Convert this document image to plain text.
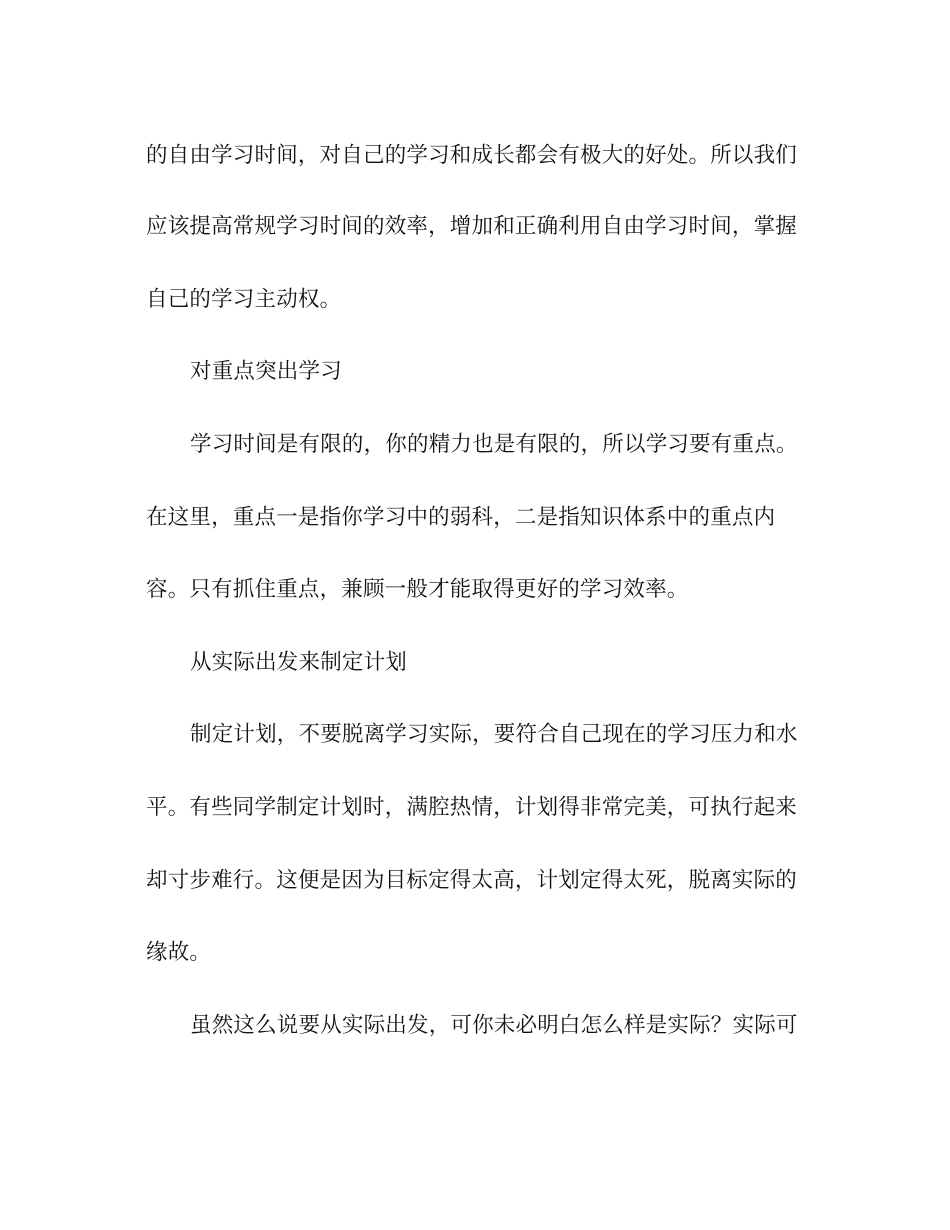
的自由学习时间，对自己的学习和成长都会有极大的好处。所以我们
应该提高常规学习时间的效率，增加和正确利用自由学习时间，掌握
自己的学习主动权。
对重点突出学习
学习时间是有限的，你的精力也是有限的，所以学习要有重点。
在这里，重点一是指你学习中的弱科，二是指知识体系中的重点内
容。只有抓住重点，兼顾一般才能取得更好的学习效率。
从实际出发来制定计划
制定计划，不要脱离学习实际，要符合自己现在的学习压力和水
平。有些同学制定计划时，满腔热情，计划得非常完美，可执行起来
却寸步难行。这便是因为目标定得太高，计划定得太死，脱离实际的
缘故。
虽然这么说要从实际出发，可你未必明白怎么样是实际？实际可
